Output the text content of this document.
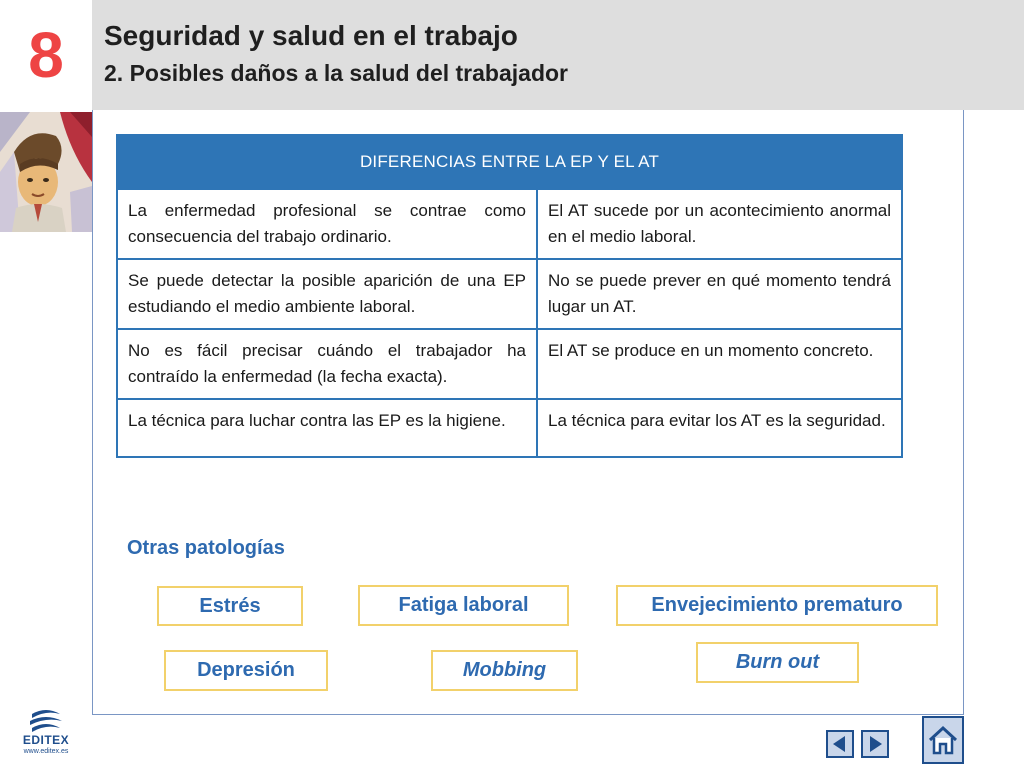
8 Seguridad y salud en el trabajo
2. Posibles daños a la salud del trabajador
DIFERENCIAS ENTRE LA EP Y EL AT	
La enfermedad profesional se contrae como consecuencia del trabajo ordinario.	El AT sucede por un acontecimiento anormal en el medio laboral.
Se puede detectar la posible aparición de una EP estudiando el medio ambiente laboral.	No se puede prever en qué momento tendrá lugar un AT.
No es fácil precisar cuándo el trabajador ha contraído la enfermedad (la fecha exacta).	El AT se produce en un momento concreto.
La técnica para luchar contra las EP es la higiene.	La técnica para evitar los AT es la seguridad.
Otras patologías
Estrés	Fatiga laboral	Envejecimiento prematuro
Depresión	Mobbing	Burn out
EDITEX
www.editex.es
